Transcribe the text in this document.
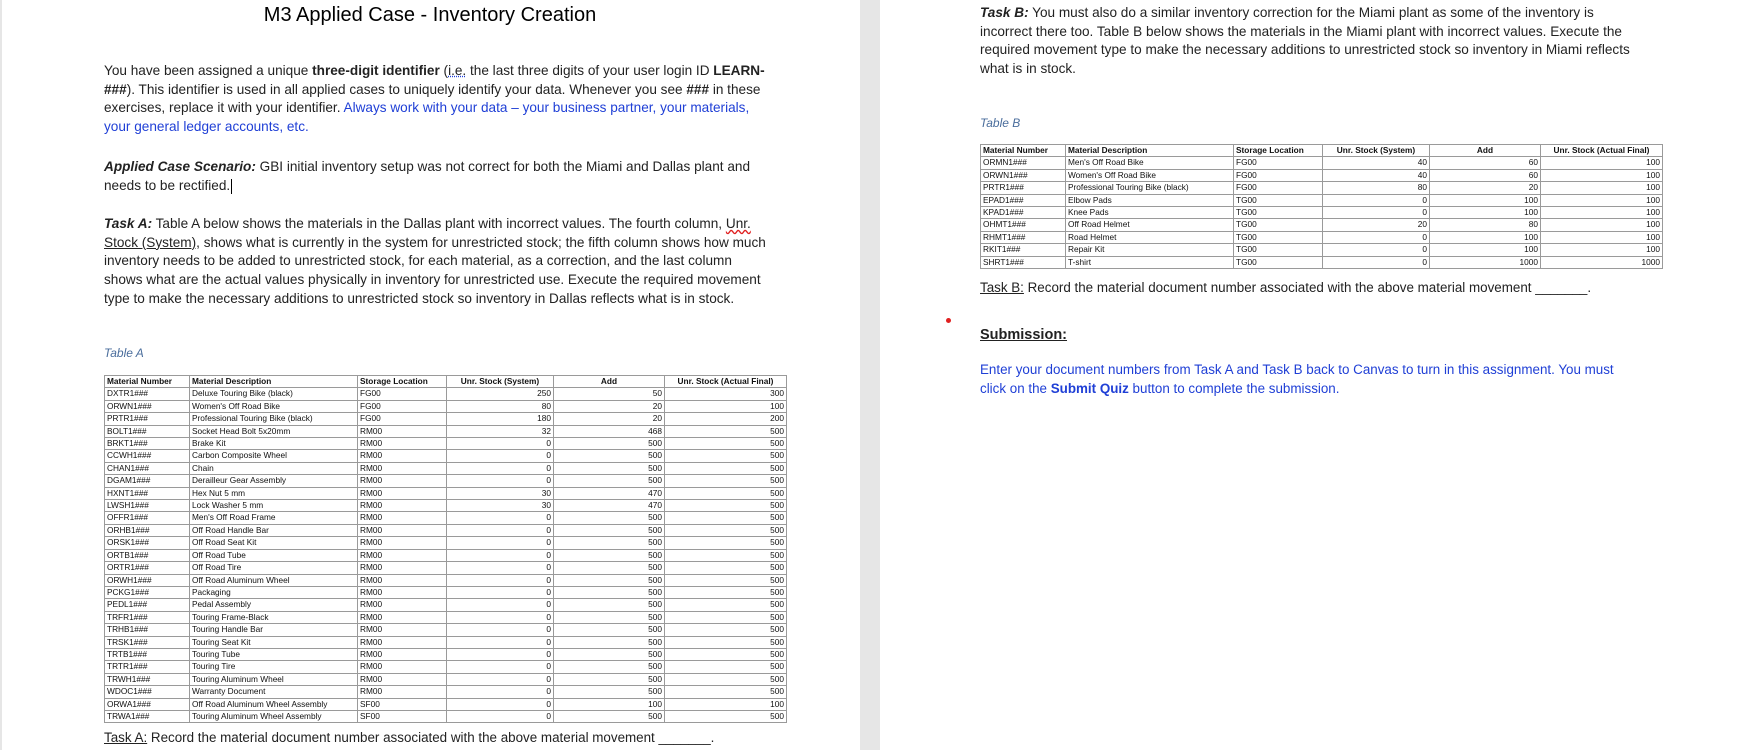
M3 Applied Case - Inventory Creation

You have been assigned a unique three-digit identifier (i.e. the last three digits of your user login ID LEARN-###). This identifier is used in all applied cases to uniquely identify your data. Whenever you see ### in these exercises, replace it with your identifier. Always work with your data – your business partner, your materials, your general ledger accounts, etc.

Applied Case Scenario: GBI initial inventory setup was not correct for both the Miami and Dallas plant and needs to be rectified.

Task A: Table A below shows the materials in the Dallas plant with incorrect values. The fourth column, Unr. Stock (System), shows what is currently in the system for unrestricted stock; the fifth column shows how much inventory needs to be added to unrestricted stock, for each material, as a correction, and the last column shows what are the actual values physically in inventory for unrestricted use. Execute the required movement type to make the necessary additions to unrestricted stock so inventory in Dallas reflects what is in stock.

Table A
Material Number	Material Description	Storage Location	Unr. Stock (System)	Add	Unr. Stock (Actual Final)
DXTR1###	Deluxe Touring Bike (black)	FG00	250	50	300
ORWN1###	Women's Off Road Bike	FG00	80	20	100
PRTR1###	Professional Touring Bike (black)	FG00	180	20	200
BOLT1###	Socket Head Bolt 5x20mm	RM00	32	468	500
BRKT1###	Brake Kit	RM00	0	500	500
CCWH1###	Carbon Composite Wheel	RM00	0	500	500
CHAN1###	Chain	RM00	0	500	500
DGAM1###	Derailleur Gear Assembly	RM00	0	500	500
HXNT1###	Hex Nut 5 mm	RM00	30	470	500
LWSH1###	Lock Washer 5 mm	RM00	30	470	500
OFFR1###	Men's Off Road Frame	RM00	0	500	500
ORHB1###	Off Road Handle Bar	RM00	0	500	500
ORSK1###	Off Road Seat Kit	RM00	0	500	500
ORTB1###	Off Road Tube	RM00	0	500	500
ORTR1###	Off Road Tire	RM00	0	500	500
ORWH1###	Off Road Aluminum Wheel	RM00	0	500	500
PCKG1###	Packaging	RM00	0	500	500
PEDL1###	Pedal Assembly	RM00	0	500	500
TRFR1###	Touring Frame-Black	RM00	0	500	500
TRHB1###	Touring Handle Bar	RM00	0	500	500
TRSK1###	Touring Seat Kit	RM00	0	500	500
TRTB1###	Touring Tube	RM00	0	500	500
TRTR1###	Touring Tire	RM00	0	500	500
TRWH1###	Touring Aluminum Wheel	RM00	0	500	500
WDOC1###	Warranty Document	RM00	0	500	500
ORWA1###	Off Road Aluminum Wheel Assembly	SF00	0	100	100
TRWA1###	Touring Aluminum Wheel Assembly	SF00	0	500	500

Task A: Record the material document number associated with the above material movement _______.

Task B: You must also do a similar inventory correction for the Miami plant as some of the inventory is incorrect there too. Table B below shows the materials in the Miami plant with incorrect values. Execute the required movement type to make the necessary additions to unrestricted stock so inventory in Miami reflects what is in stock.

Table B
Material Number	Material Description	Storage Location	Unr. Stock (System)	Add	Unr. Stock (Actual Final)
ORMN1###	Men's Off Road Bike	FG00	40	60	100
ORWN1###	Women's Off Road Bike	FG00	40	60	100
PRTR1###	Professional Touring Bike (black)	FG00	80	20	100
EPAD1###	Elbow Pads	TG00	0	100	100
KPAD1###	Knee Pads	TG00	0	100	100
OHMT1###	Off Road Helmet	TG00	20	80	100
RHMT1###	Road Helmet	TG00	0	100	100
RKIT1###	Repair Kit	TG00	0	100	100
SHRT1###	T-shirt	TG00	0	1000	1000

Task B: Record the material document number associated with the above material movement _______.

Submission:

Enter your document numbers from Task A and Task B back to Canvas to turn in this assignment. You must click on the Submit Quiz button to complete the submission.
